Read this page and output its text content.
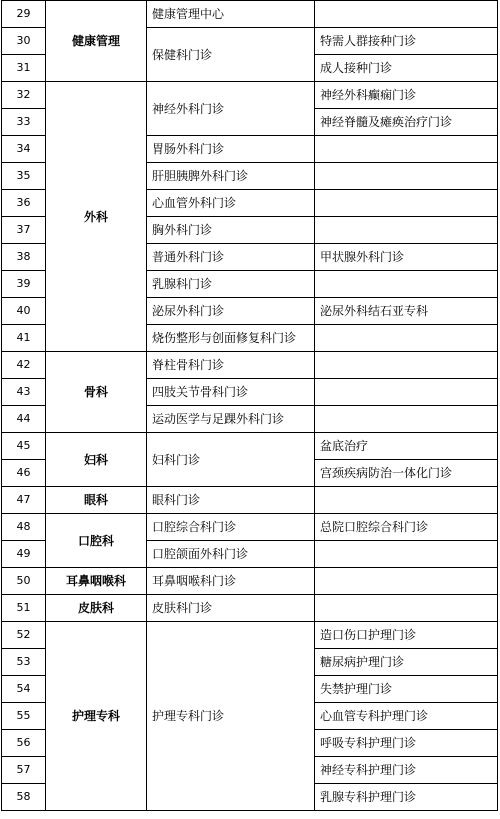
29	健康管理	健康管理中心	
30		保健科门诊	特需人群接种门诊
31			成人接种门诊
32	外科	神经外科门诊	神经外科癫痫门诊
33			神经脊髓及瘫痪治疗门诊
34		胃肠外科门诊	
35		肝胆胰脾外科门诊	
36		心血管外科门诊	
37		胸外科门诊	
38		普通外科门诊	甲状腺外科门诊
39		乳腺科门诊	
40		泌尿外科门诊	泌尿外科结石亚专科
41		烧伤整形与创面修复科门诊	
42	骨科	脊柱骨科门诊	
43		四肢关节骨科门诊	
44		运动医学与足踝外科门诊	
45	妇科	妇科门诊	盆底治疗
46			宫颈疾病防治一体化门诊
47	眼科	眼科门诊	
48	口腔科	口腔综合科门诊	总院口腔综合科门诊
49		口腔颌面外科门诊	
50	耳鼻咽喉科	耳鼻咽喉科门诊	
51	皮肤科	皮肤科门诊	
52	护理专科	护理专科门诊	造口伤口护理门诊
53			糖尿病护理门诊
54			失禁护理门诊
55			心血管专科护理门诊
56			呼吸专科护理门诊
57			神经专科护理门诊
58			乳腺专科护理门诊
